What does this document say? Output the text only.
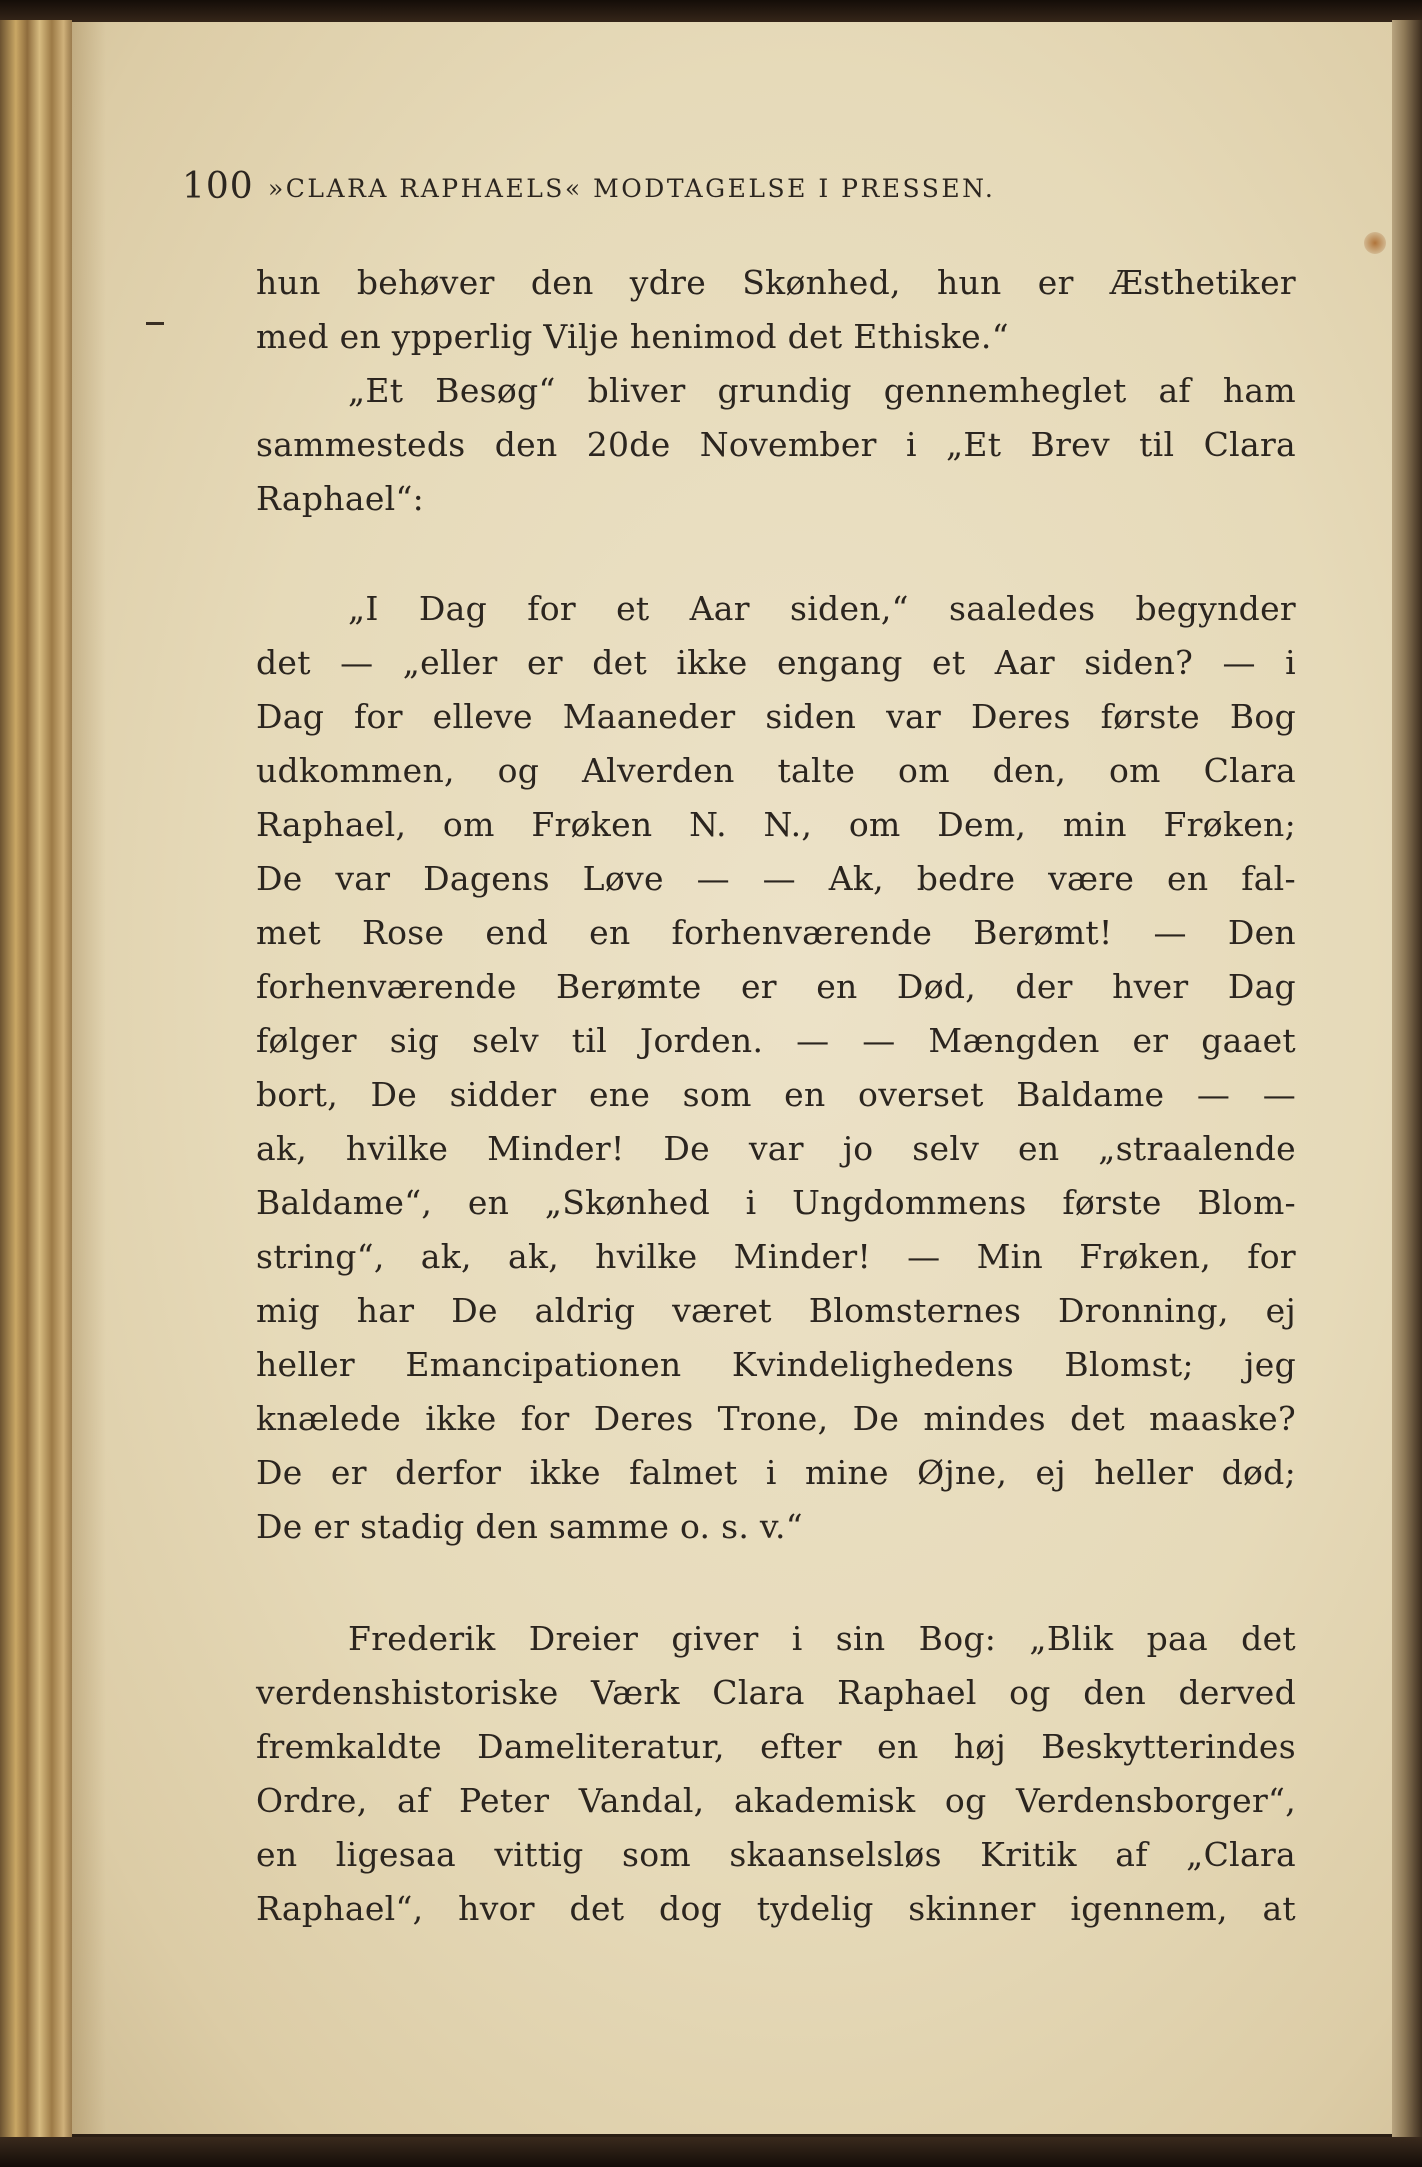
100 »CLARA RAPHAELS« MODTAGELSE I PRESSEN.
hun behøver den ydre Skønhed, hun er Æsthetiker
med en ypperlig Vilje henimod det Ethiske.“
„Et Besøg“ bliver grundig gennemheglet af ham
sammesteds den 20de November i „Et Brev til Clara
Raphael“:
„I Dag for et Aar siden,“ saaledes begynder
det — „eller er det ikke engang et Aar siden? — i
Dag for elleve Maaneder siden var Deres første Bog
udkommen, og Alverden talte om den, om Clara
Raphael, om Frøken N. N., om Dem, min Frøken;
De var Dagens Løve — — Ak, bedre være en fal-
met Rose end en forhenværende Berømt! — Den
forhenværende Berømte er en Død, der hver Dag
følger sig selv til Jorden. — — Mængden er gaaet
bort, De sidder ene som en overset Baldame — —
ak, hvilke Minder! De var jo selv en „straalende
Baldame“, en „Skønhed i Ungdommens første Blom-
string“, ak, ak, hvilke Minder! — Min Frøken, for
mig har De aldrig været Blomsternes Dronning, ej
heller Emancipationen Kvindelighedens Blomst; jeg
knælede ikke for Deres Trone, De mindes det maaske?
De er derfor ikke falmet i mine Øjne, ej heller død;
De er stadig den samme o. s. v.“
Frederik Dreier giver i sin Bog: „Blik paa det
verdenshistoriske Værk Clara Raphael og den derved
fremkaldte Dameliteratur, efter en høj Beskytterindes
Ordre, af Peter Vandal, akademisk og Verdensborger“,
en ligesaa vittig som skaanselsløs Kritik af „Clara
Raphael“, hvor det dog tydelig skinner igennem, at
